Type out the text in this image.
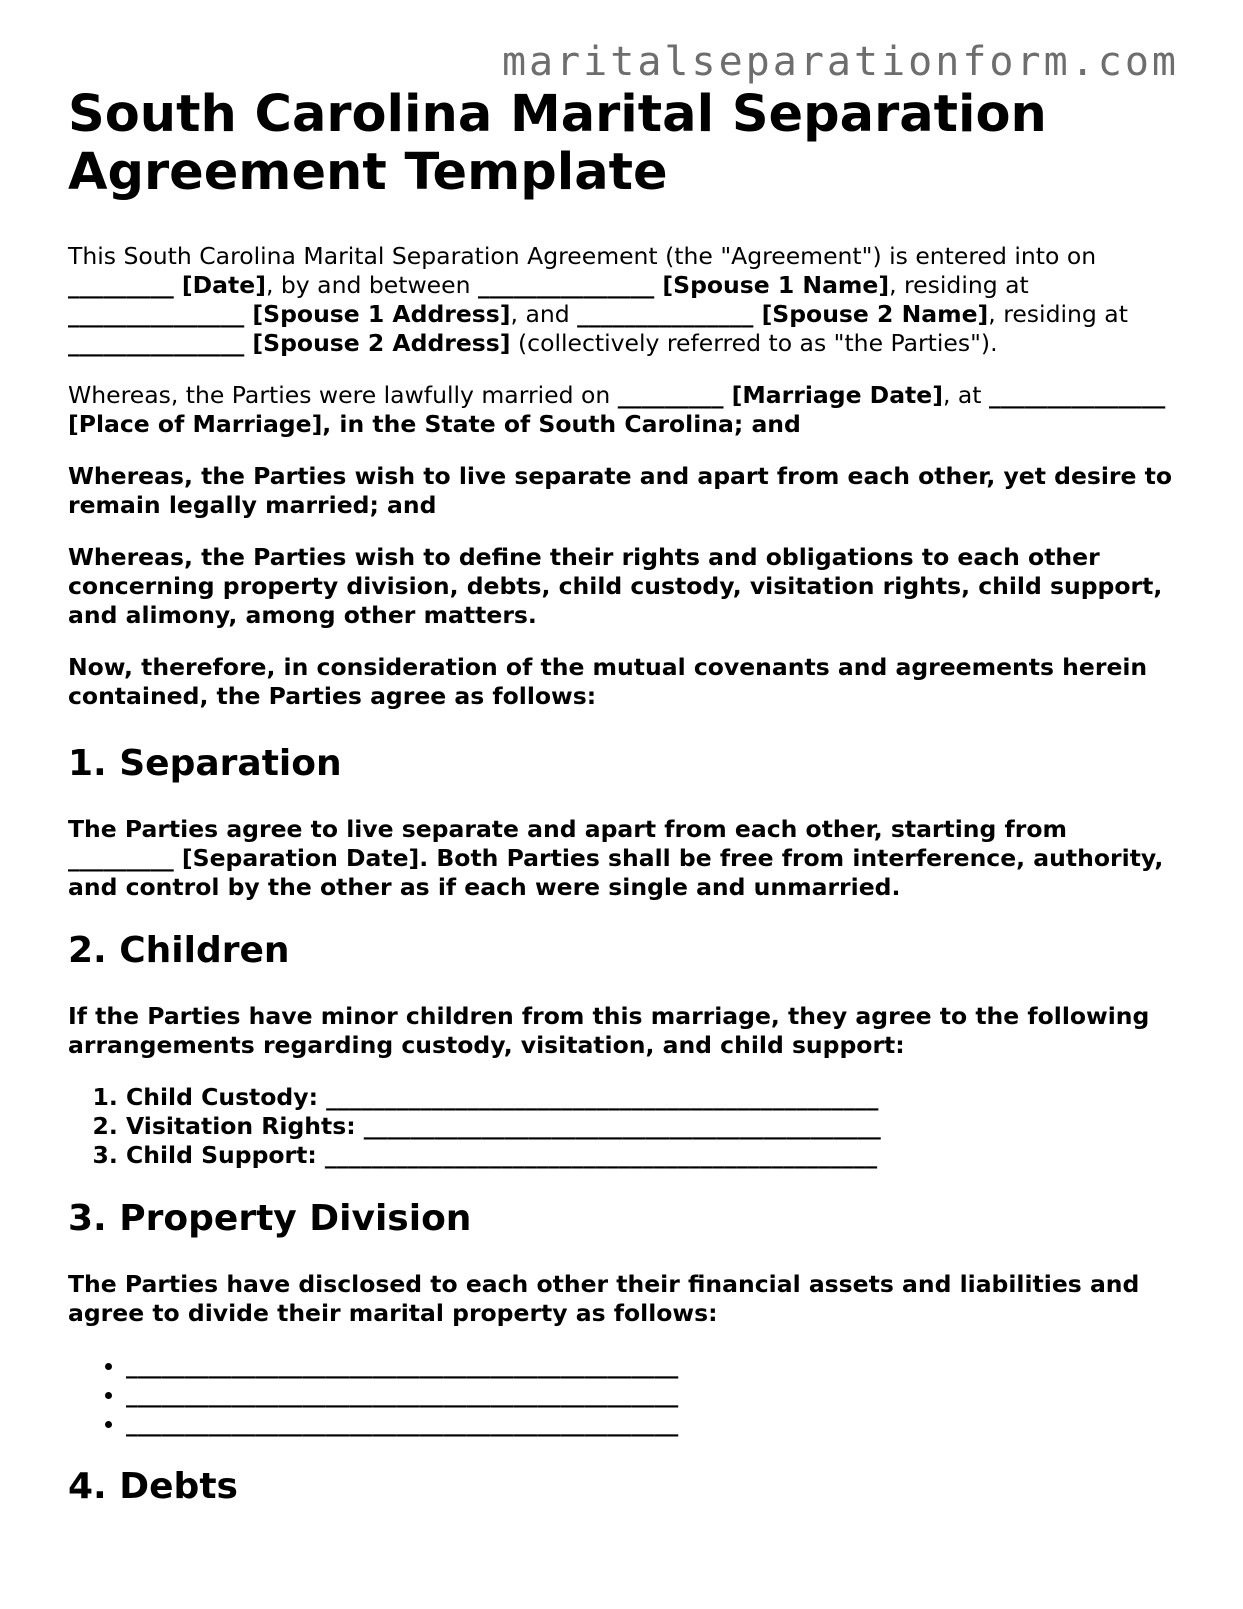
maritalseparationform.com
South Carolina Marital Separation Agreement Template

This South Carolina Marital Separation Agreement (the "Agreement") is entered into on _________ [Date], by and between _______________ [Spouse 1 Name], residing at _______________ [Spouse 1 Address], and _______________ [Spouse 2 Name], residing at _______________ [Spouse 2 Address] (collectively referred to as "the Parties").

Whereas, the Parties were lawfully married on _________ [Marriage Date], at _______________ [Place of Marriage], in the State of South Carolina; and

Whereas, the Parties wish to live separate and apart from each other, yet desire to remain legally married; and

Whereas, the Parties wish to define their rights and obligations to each other concerning property division, debts, child custody, visitation rights, child support, and alimony, among other matters.

Now, therefore, in consideration of the mutual covenants and agreements herein contained, the Parties agree as follows:

1. Separation

The Parties agree to live separate and apart from each other, starting from _________ [Separation Date]. Both Parties shall be free from interference, authority, and control by the other as if each were single and unmarried.

2. Children

If the Parties have minor children from this marriage, they agree to the following arrangements regarding custody, visitation, and child support:

1. Child Custody: _______________________________________________
2. Visitation Rights: ____________________________________________
3. Child Support: _______________________________________________
3. Property Division

The Parties have disclosed to each other their financial assets and liabilities and agree to divide their marital property as follows:

• _______________________________________________
• _______________________________________________
• _______________________________________________
4. Debts
